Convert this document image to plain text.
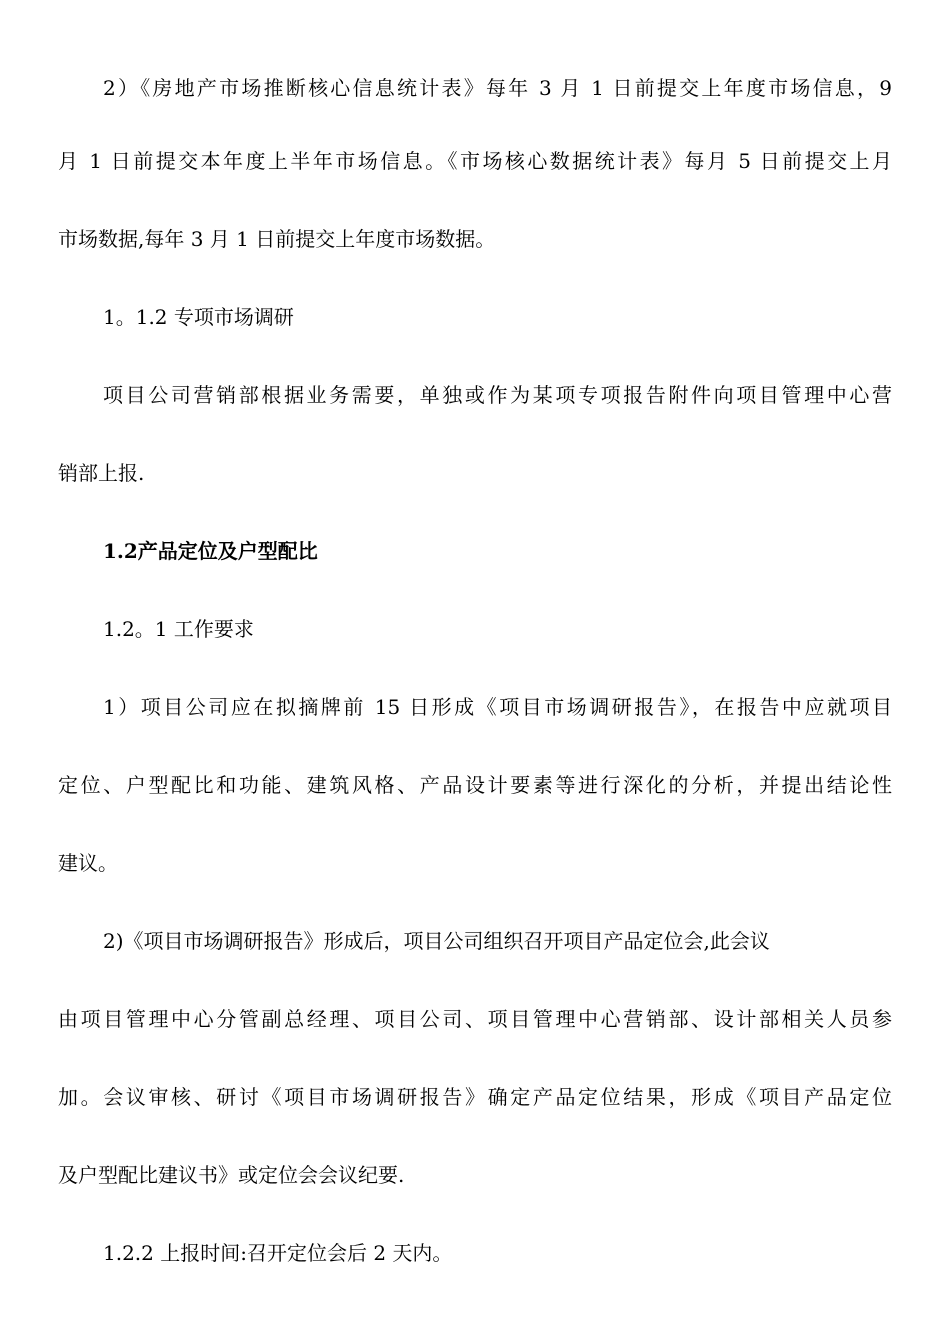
2）《房地产市场推断核心信息统计表》每年 3 月 1 日前提交上年度市场信息，9
月 1 日前提交本年度上半年市场信息。《市场核心数据统计表》每月 5 日前提交上月
市场数据,每年 3 月 1 日前提交上年度市场数据。
1。1.2 专项市场调研
项目公司营销部根据业务需要，单独或作为某项专项报告附件向项目管理中心营
销部上报.
1.2产品定位及户型配比
1.2。1 工作要求
1）项目公司应在拟摘牌前 15 日形成《项目市场调研报告》，在报告中应就项目
定位、户型配比和功能、建筑风格、产品设计要素等进行深化的分析，并提出结论性
建议。
2)《项目市场调研报告》形成后，项目公司组织召开项目产品定位会,此会议
由项目管理中心分管副总经理、项目公司、项目管理中心营销部、设计部相关人员参
加。会议审核、研讨《项目市场调研报告》确定产品定位结果，形成《项目产品定位
及户型配比建议书》或定位会会议纪要.
1.2.2 上报时间:召开定位会后 2 天内。
